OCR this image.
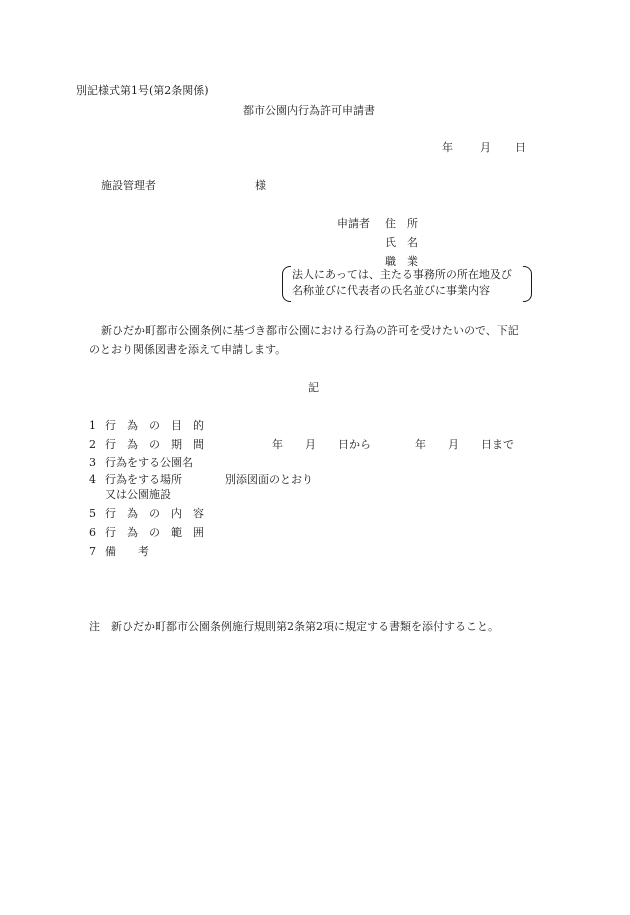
別記様式第1号(第2条関係)
都市公園内行為許可申請書
年 月 日
施設管理者	様
申請者 住　所
氏　名
職　業
法人にあっては、主たる事務所の所在地及び
名称並びに代表者の氏名並びに事業内容
新ひだか町都市公園条例に基づき都市公園における行為の許可を受けたいので、下記
のとおり関係図書を添えて申請します。
記
1 行　為　の　目　的
2 行　為　の　期　間	年　　月　　日から　　　　年　　月　　日まで
3 行為をする公園名
4 行為をする場所	別添図面のとおり
又は公園施設
5 行　為　の　内　容
6 行　為　の　範　囲
7 備　　考
注　新ひだか町都市公園条例施行規則第2条第2項に規定する書類を添付すること。
